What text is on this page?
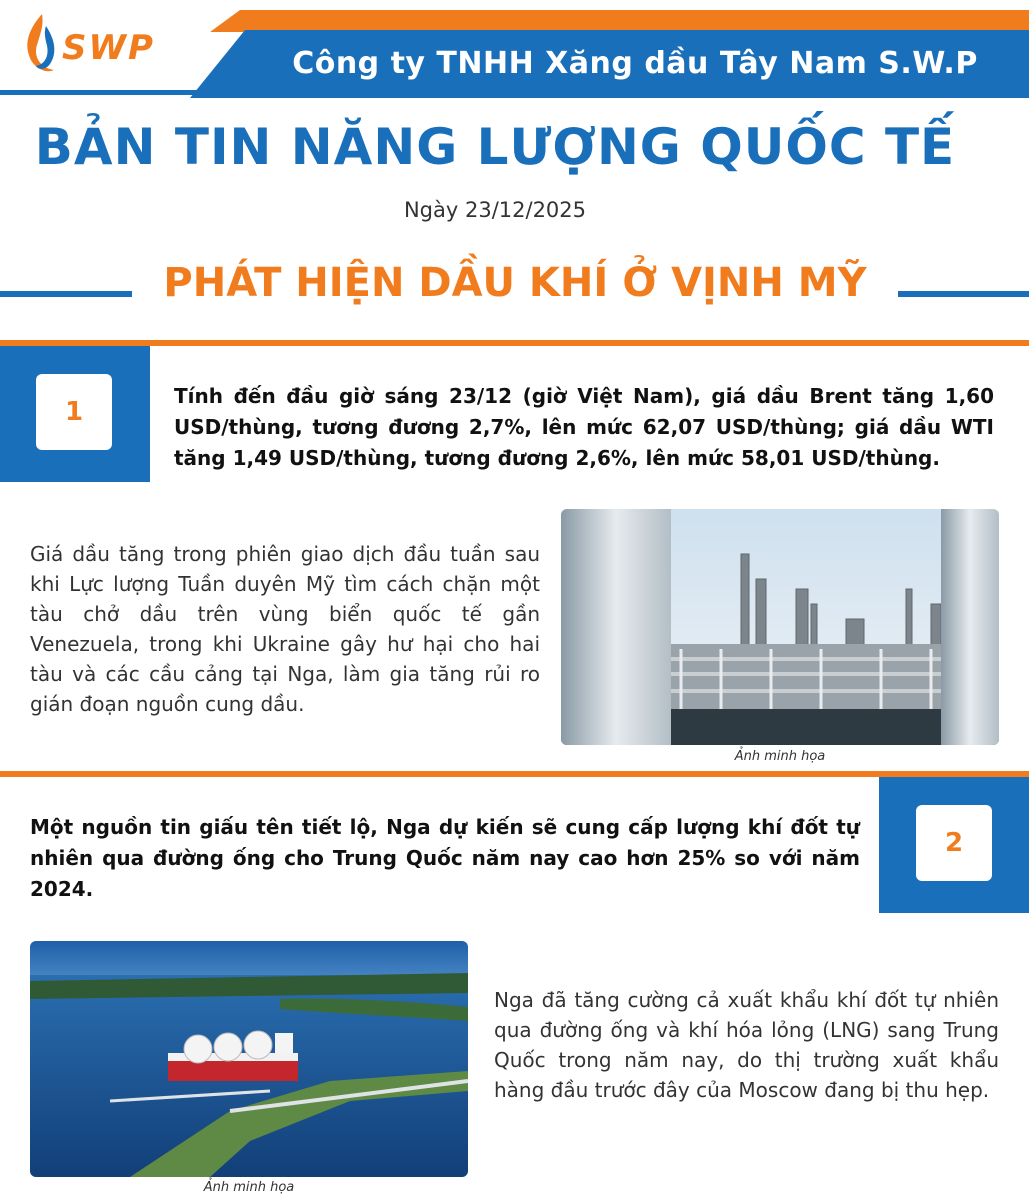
Công ty TNHH Xăng dầu Tây Nam S.W.P
SWP
BẢN TIN NĂNG LƯỢNG QUỐC TẾ
Ngày 23/12/2025
PHÁT HIỆN DẦU KHÍ Ở VỊNH MỸ
1
Tính đến đầu giờ sáng 23/12 (giờ Việt Nam), giá dầu Brent tăng 1,60 USD/thùng, tương đương 2,7%, lên mức 62,07 USD/thùng; giá dầu WTI tăng 1,49 USD/thùng, tương đương 2,6%, lên mức 58,01 USD/thùng.
Giá dầu tăng trong phiên giao dịch đầu tuần sau khi Lực lượng Tuần duyên Mỹ tìm cách chặn một tàu chở dầu trên vùng biển quốc tế gần Venezuela, trong khi Ukraine gây hư hại cho hai tàu và các cầu cảng tại Nga, làm gia tăng rủi ro gián đoạn nguồn cung dầu.
Ảnh minh họa
2
Một nguồn tin giấu tên tiết lộ, Nga dự kiến sẽ cung cấp lượng khí đốt tự nhiên qua đường ống cho Trung Quốc năm nay cao hơn 25% so với năm 2024.
Ảnh minh họa
Nga đã tăng cường cả xuất khẩu khí đốt tự nhiên qua đường ống và khí hóa lỏng (LNG) sang Trung Quốc trong năm nay, do thị trường xuất khẩu hàng đầu trước đây của Moscow đang bị thu hẹp.
